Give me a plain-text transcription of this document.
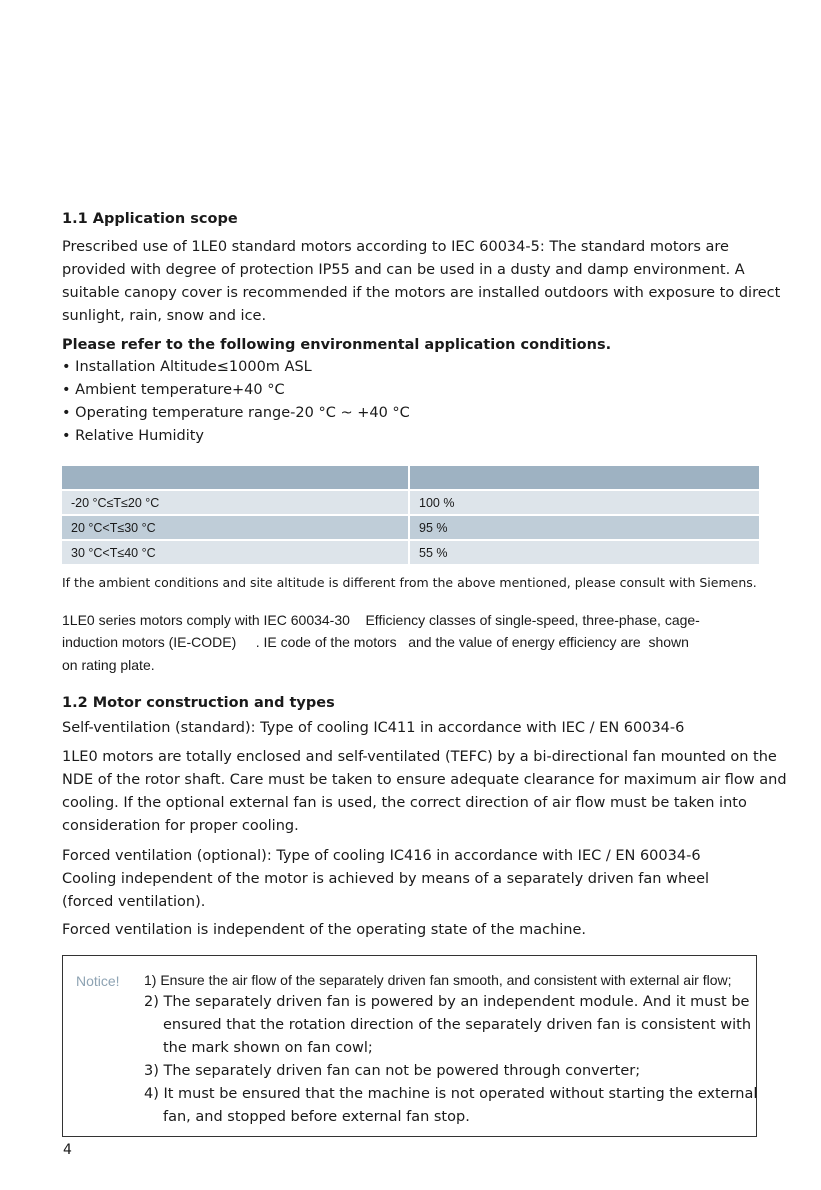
1.1 Application scope

Prescribed use of 1LE0 standard motors according to IEC 60034-5: The standard motors are

provided with degree of protection IP55 and can be used in a dusty and damp environment. A

suitable canopy cover is recommended if the motors are installed outdoors with exposure to direct

sunlight, rain, snow and ice.

Please refer to the following environmental application conditions.

• Installation Altitude≤1000m ASL

• Ambient temperature+40 °C

• Operating temperature range-20 °C ~ +40 °C

• Relative Humidity

-20 °C≤T≤20 °C	100 %
20 °C<T≤30 °C	95 %
30 °C<T≤40 °C	55 %

If the ambient conditions and site altitude is different from the above mentioned, please consult with Siemens.

1LE0 series motors comply with IEC 60034-30    Efficiency classes of single-speed, three-phase, cage-

induction motors (IE-CODE)     . IE code of the motors   and the value of energy efficiency are  shown

on rating plate.

1.2 Motor construction and types

Self-ventilation (standard): Type of cooling IC411 in accordance with IEC / EN 60034-6

1LE0 motors are totally enclosed and self-ventilated (TEFC) by a bi-directional fan mounted on the

NDE of the rotor shaft. Care must be taken to ensure adequate clearance for maximum air flow and

cooling. If the optional external fan is used, the correct direction of air flow must be taken into

consideration for proper cooling.

Forced ventilation (optional): Type of cooling IC416 in accordance with IEC / EN 60034-6

Cooling independent of the motor is achieved by means of a separately driven fan wheel

(forced ventilation).

Forced ventilation is independent of the operating state of the machine.

Notice! 1) Ensure the air flow of the separately driven fan smooth, and consistent with external air flow;

2) The separately driven fan is powered by an independent module. And it must be

ensured that the rotation direction of the separately driven fan is consistent with

the mark shown on fan cowl;

3) The separately driven fan can not be powered through converter;

4) It must be ensured that the machine is not operated without starting the external

fan, and stopped before external fan stop.

4
